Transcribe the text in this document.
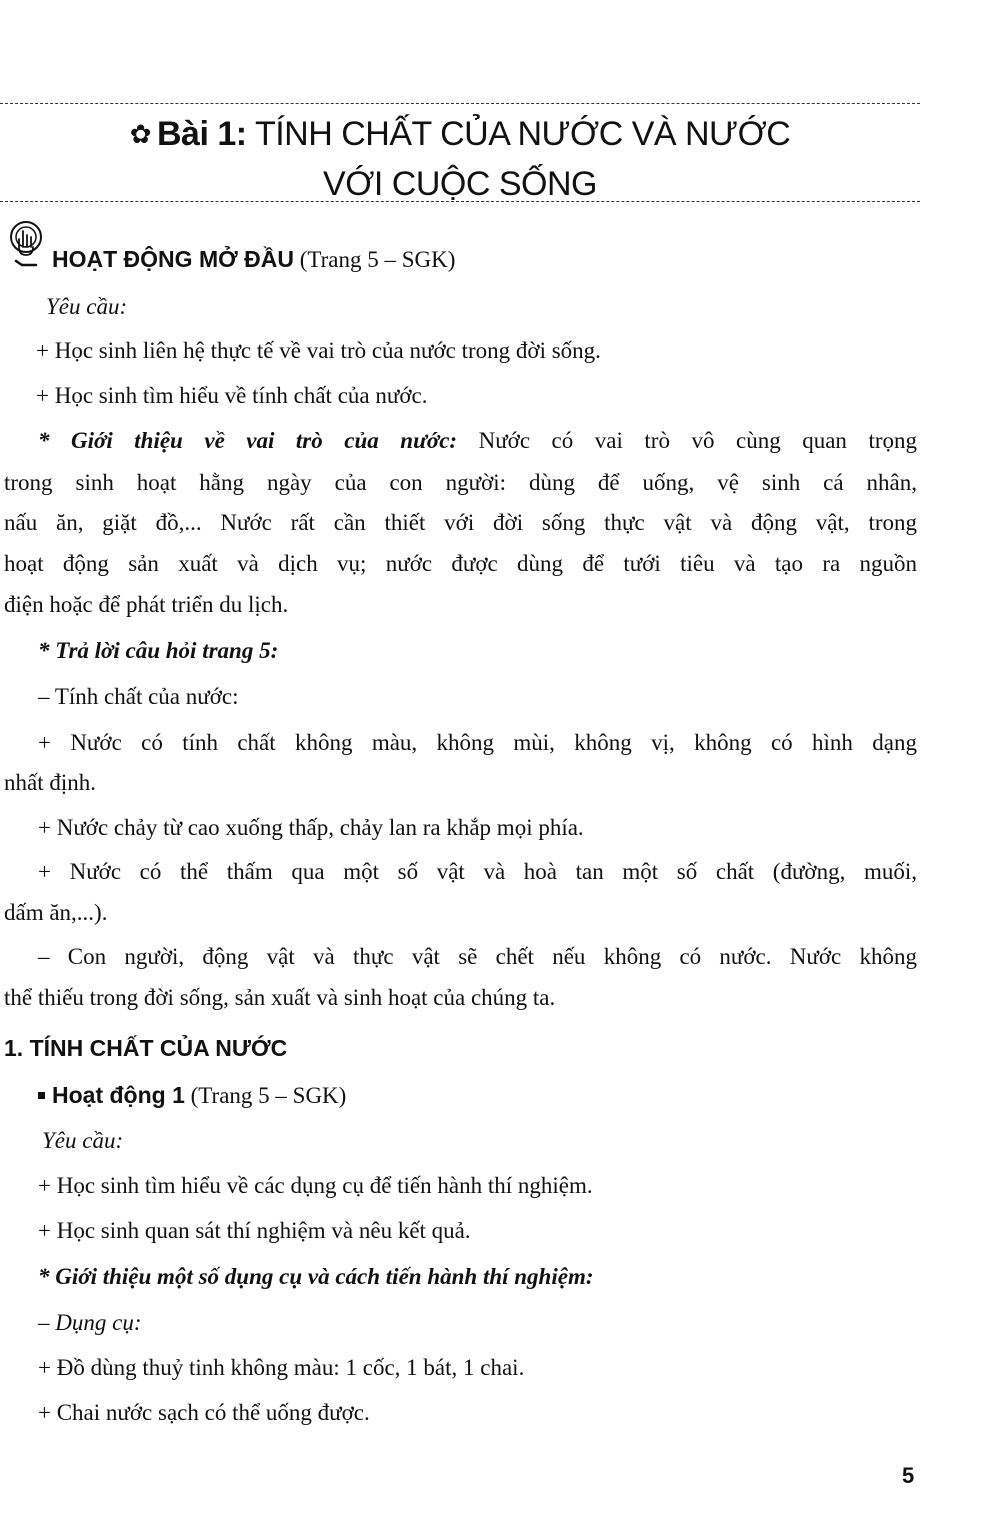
✿ Bài 1: TÍNH CHẤT CỦA NƯỚC VÀ NƯỚC
VỚI CUỘC SỐNG
HOẠT ĐỘNG MỞ ĐẦU (Trang 5 – SGK)
Yêu cầu:
+ Học sinh liên hệ thực tế về vai trò của nước trong đời sống.
+ Học sinh tìm hiểu về tính chất của nước.
* Giới thiệu về vai trò của nước: Nước có vai trò vô cùng quan trọng
trong sinh hoạt hằng ngày của con người: dùng để uống, vệ sinh cá nhân,
nấu ăn, giặt đồ,... Nước rất cần thiết với đời sống thực vật và động vật, trong
hoạt động sản xuất và dịch vụ; nước được dùng để tưới tiêu và tạo ra nguồn
điện hoặc để phát triển du lịch.
* Trả lời câu hỏi trang 5:
– Tính chất của nước:
+ Nước có tính chất không màu, không mùi, không vị, không có hình dạng
nhất định.
+ Nước chảy từ cao xuống thấp, chảy lan ra khắp mọi phía.
+ Nước có thể thấm qua một số vật và hoà tan một số chất (đường, muối,
dấm ăn,...).
– Con người, động vật và thực vật sẽ chết nếu không có nước. Nước không
thể thiếu trong đời sống, sản xuất và sinh hoạt của chúng ta.
1. TÍNH CHẤT CỦA NƯỚC
Hoạt động 1 (Trang 5 – SGK)
Yêu cầu:
+ Học sinh tìm hiểu về các dụng cụ để tiến hành thí nghiệm.
+ Học sinh quan sát thí nghiệm và nêu kết quả.
* Giới thiệu một số dụng cụ và cách tiến hành thí nghiệm:
– Dụng cụ:
+ Đồ dùng thuỷ tinh không màu: 1 cốc, 1 bát, 1 chai.
+ Chai nước sạch có thể uống được.
5
